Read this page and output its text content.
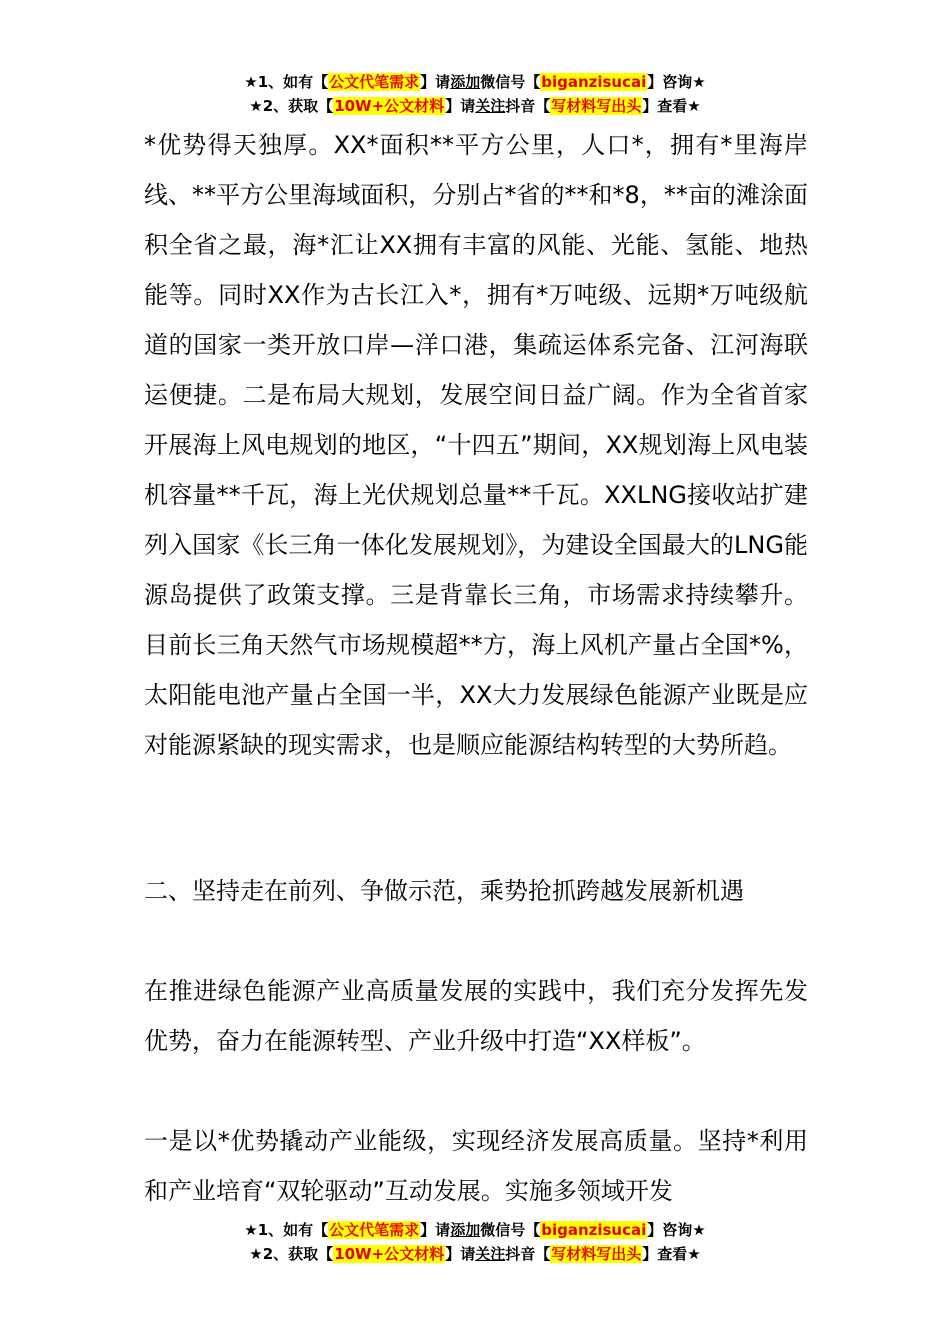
★1、如有【公文代笔需求】请添加微信号【biganzisucai】咨询★
★2、获取【10W+公文材料】请关注抖音【写材料写出头】查看★

*优势得天独厚。XX*面积**平方公里，人口*，拥有*里海岸线、**平方公里海域面积，分别占*省的**和*8，**亩的滩涂面积全省之最，海*汇让XX拥有丰富的风能、光能、氢能、地热能等。同时XX作为古长江入*，拥有*万吨级、远期*万吨级航道的国家一类开放口岸—洋口港，集疏运体系完备、江河海联运便捷。二是布局大规划，发展空间日益广阔。作为全省首家开展海上风电规划的地区，“十四五”期间，XX规划海上风电装机容量**千瓦，海上光伏规划总量**千瓦。XXLNG接收站扩建列入国家《长三角一体化发展规划》，为建设全国最大的LNG能源岛提供了政策支撑。三是背靠长三角，市场需求持续攀升。目前长三角天然气市场规模超**方，海上风机产量占全国*%，太阳能电池产量占全国一半，XX大力发展绿色能源产业既是应对能源紧缺的现实需求，也是顺应能源结构转型的大势所趋。

二、坚持走在前列、争做示范，乘势抢抓跨越发展新机遇

在推进绿色能源产业高质量发展的实践中，我们充分发挥先发优势，奋力在能源转型、产业升级中打造“XX样板”。

一是以*优势撬动产业能级，实现经济发展高质量。坚持*利用和产业培育“双轮驱动”互动发展。实施多领域开发

★1、如有【公文代笔需求】请添加微信号【biganzisucai】咨询★
★2、获取【10W+公文材料】请关注抖音【写材料写出头】查看★
